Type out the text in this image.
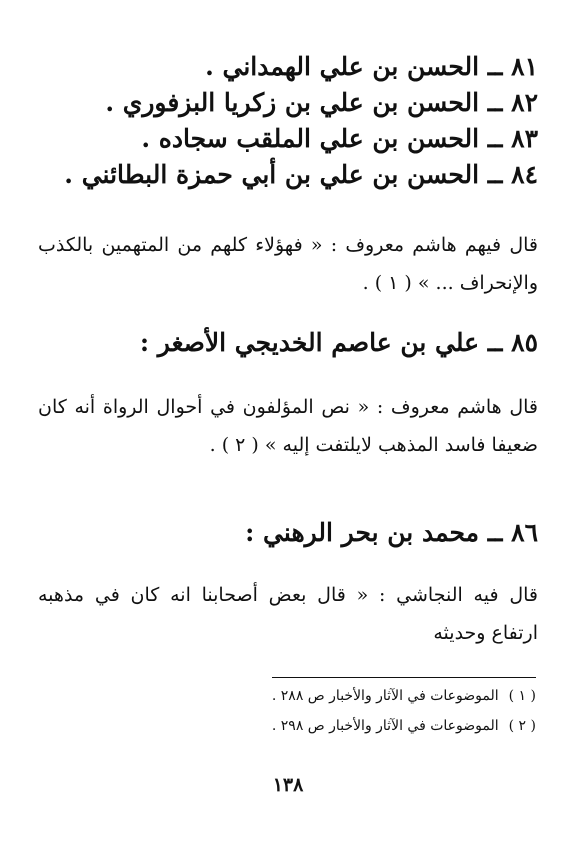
٨١ ــ الحسن بن علي الهمداني .
٨٢ ــ الحسن بن علي بن زكريا البزفوري .
٨٣ ــ الحسن بن علي الملقب سجاده .
٨٤ ــ الحسن بن علي بن أبي حمزة البطائني .
قال فيهم هاشم معروف : « فهؤلاء كلهم من المتهمين بالكذب والإنحراف ... » ( ١ ) .
٨٥ ــ علي بن عاصم الخديجي الأصغر :
قال هاشم معروف : « نص المؤلفون في أحوال الرواة أنه كان ضعيفا فاسد المذهب لايلتفت إليه » ( ٢ ) .
٨٦ ــ محمد بن بحر الرهني :
قال فيه النجاشي : « قال بعض أصحابنا انه كان في مذهبه ارتفاع وحديثه
( ١ )الموضوعات في الآثار والأخبار ص ٢٨٨ .
( ٢ )الموضوعات في الآثار والأخبار ص ٢٩٨ .
١٣٨
